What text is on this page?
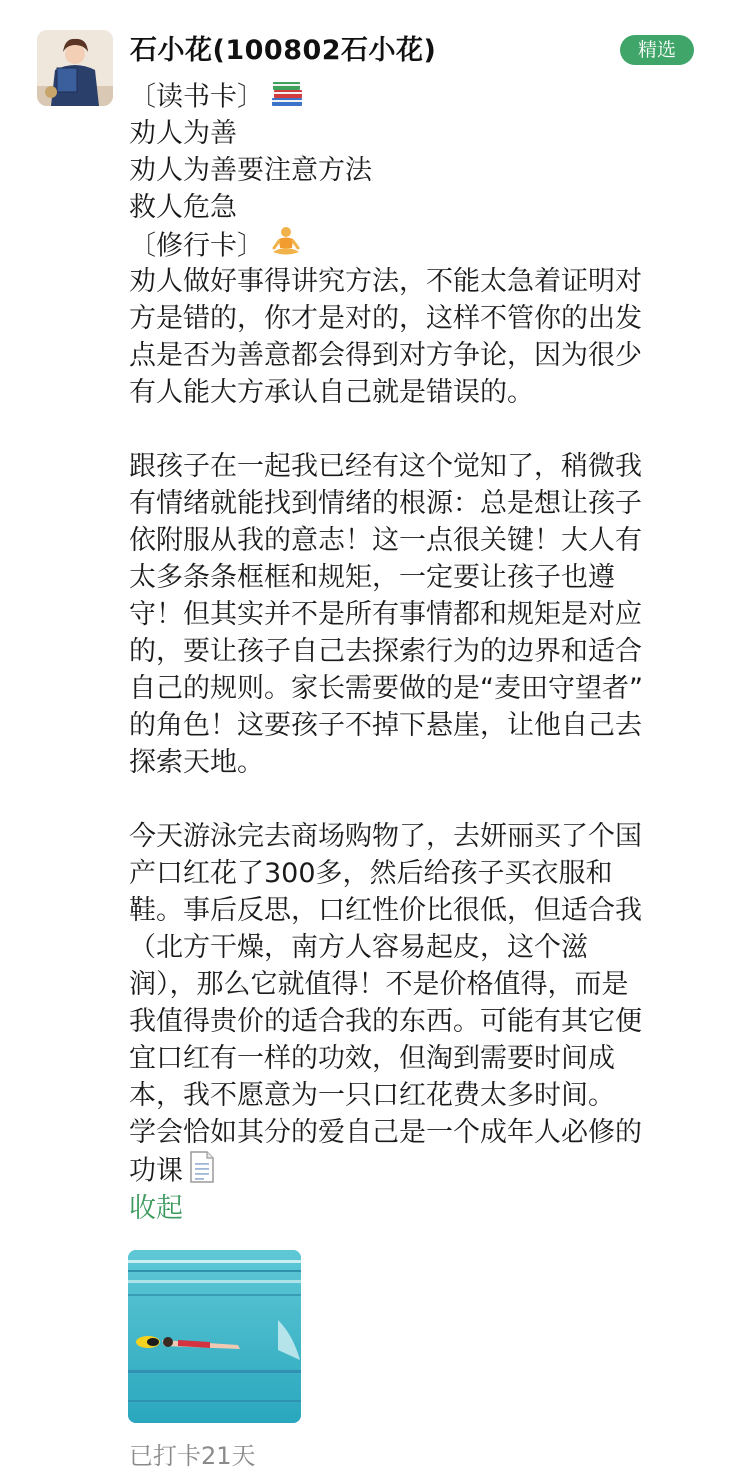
石小花(100802石小花)	精选
〔读书卡〕
劝人为善
劝人为善要注意方法
救人危急
〔修行卡〕
劝人做好事得讲究方法，不能太急着证明对
方是错的，你才是对的，这样不管你的出发
点是否为善意都会得到对方争论，因为很少
有人能大方承认自己就是错误的。
跟孩子在一起我已经有这个觉知了，稍微我
有情绪就能找到情绪的根源：总是想让孩子
依附服从我的意志！这一点很关键！大人有
太多条条框框和规矩，一定要让孩子也遵
守！但其实并不是所有事情都和规矩是对应
的，要让孩子自己去探索行为的边界和适合
自己的规则。家长需要做的是“麦田守望者”
的角色！这要孩子不掉下悬崖，让他自己去
探索天地。
今天游泳完去商场购物了，去妍丽买了个国
产口红花了300多，然后给孩子买衣服和
鞋。事后反思，口红性价比很低，但适合我
（北方干燥，南方人容易起皮，这个滋
润），那么它就值得！不是价格值得，而是
我值得贵价的适合我的东西。可能有其它便
宜口红有一样的功效，但淘到需要时间成
本，我不愿意为一只口红花费太多时间。
学会恰如其分的爱自己是一个成年人必修的
功课
收起
已打卡21天
